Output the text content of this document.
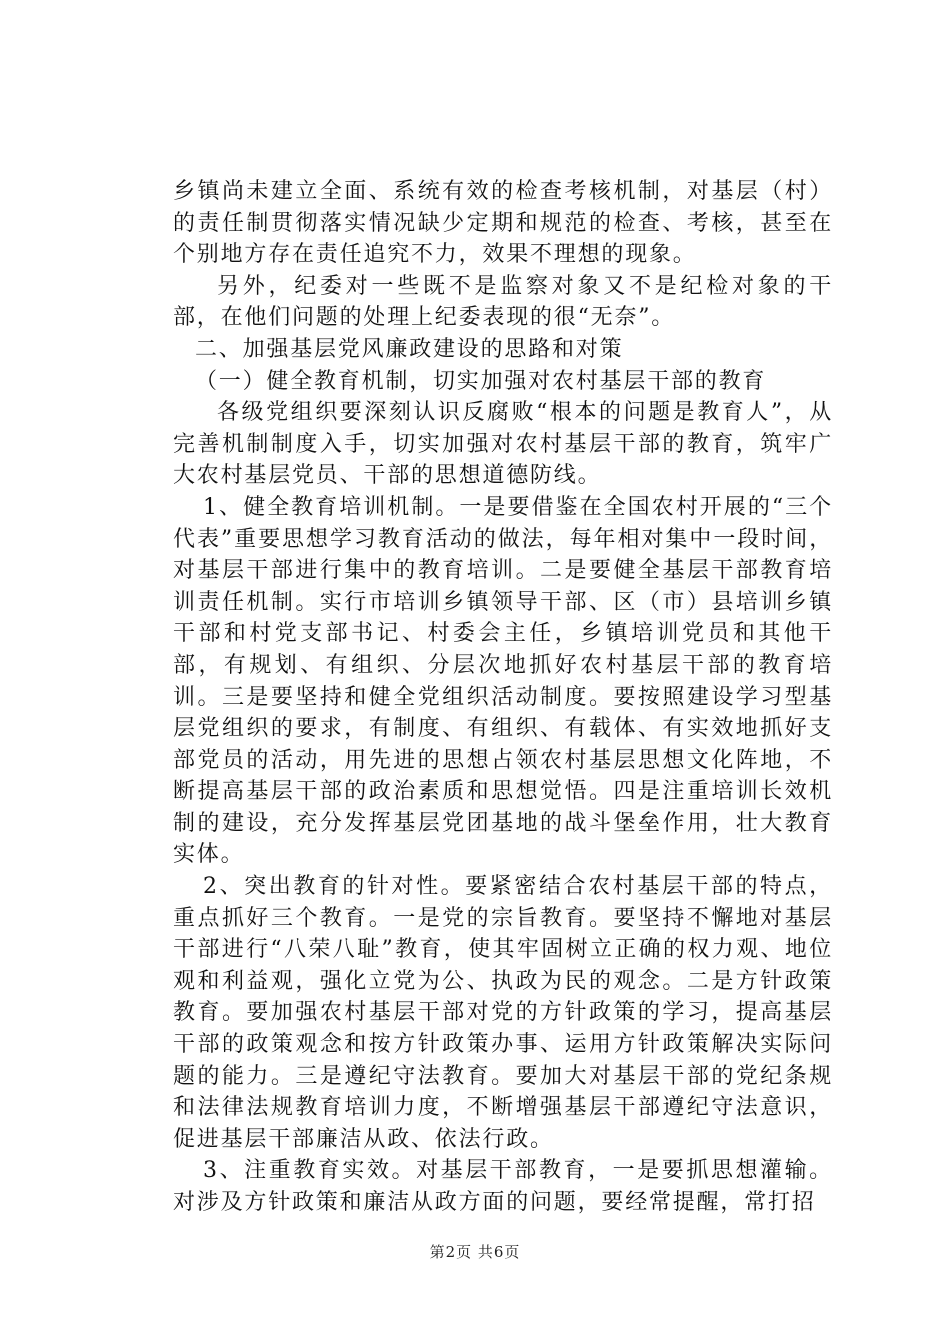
乡镇尚未建立全面、系统有效的检查考核机制，对基层（村）的责任制贯彻落实情况缺少定期和规范的检查、考核，甚至在个别地方存在责任追究不力，效果不理想的现象。

另外，纪委对一些既不是监察对象又不是纪检对象的干部，在他们问题的处理上纪委表现的很“无奈”。

二、加强基层党风廉政建设的思路和对策

（一）健全教育机制，切实加强对农村基层干部的教育

各级党组织要深刻认识反腐败“根本的问题是教育人”，从完善机制制度入手，切实加强对农村基层干部的教育，筑牢广大农村基层党员、干部的思想道德防线。

1、健全教育培训机制。一是要借鉴在全国农村开展的“三个代表”重要思想学习教育活动的做法，每年相对集中一段时间，对基层干部进行集中的教育培训。二是要健全基层干部教育培训责任机制。实行市培训乡镇领导干部、区（市）县培训乡镇干部和村党支部书记、村委会主任，乡镇培训党员和其他干部，有规划、有组织、分层次地抓好农村基层干部的教育培训。三是要坚持和健全党组织活动制度。要按照建设学习型基层党组织的要求，有制度、有组织、有载体、有实效地抓好支部党员的活动，用先进的思想占领农村基层思想文化阵地，不断提高基层干部的政治素质和思想觉悟。四是注重培训长效机制的建设，充分发挥基层党团基地的战斗堡垒作用，壮大教育实体。

2、突出教育的针对性。要紧密结合农村基层干部的特点，重点抓好三个教育。一是党的宗旨教育。要坚持不懈地对基层干部进行“八荣八耻”教育，使其牢固树立正确的权力观、地位观和利益观，强化立党为公、执政为民的观念。二是方针政策教育。要加强农村基层干部对党的方针政策的学习，提高基层干部的政策观念和按方针政策办事、运用方针政策解决实际问题的能力。三是遵纪守法教育。要加大对基层干部的党纪条规和法律法规教育培训力度，不断增强基层干部遵纪守法意识，促进基层干部廉洁从政、依法行政。

3、注重教育实效。对基层干部教育，一是要抓思想灌输。对涉及方针政策和廉洁从政方面的问题，要经常提醒，常打招

第2页 共6页
